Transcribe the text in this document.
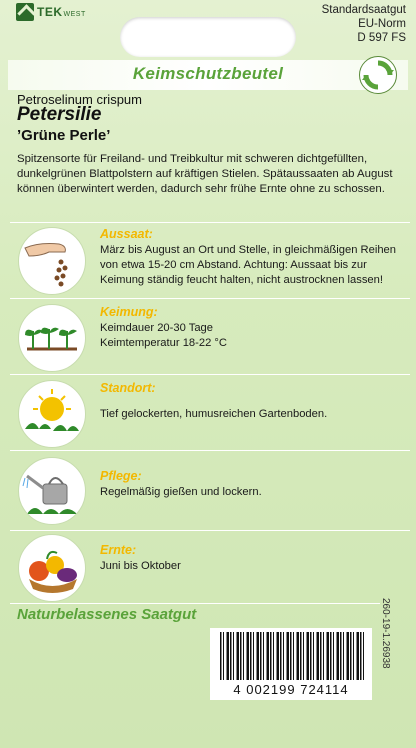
TEKWEST	Standardsaatgut
EU-Norm
D 597 FS
Keimschutzbeutel
Petroselinum crispum
Petersilie
’Grüne Perle’
Spitzensorte für Freiland- und Treibkultur mit schweren dichtgefüllten, dunkelgrünen Blattpolstern auf kräftigen Stielen. Spätaussaaten ab August können überwintert werden, dadurch sehr frühe Ernte ohne zu schossen.
Aussaat:
März bis August an Ort und Stelle, in gleichmäßigen Reihen von etwa 15-20 cm Abstand. Achtung: Aussaat bis zur Keimung ständig feucht halten, nicht austrocknen lassen!
Keimung:
Keimdauer 20-30 Tage
Keimtemperatur 18-22 °C
Standort:
Tief gelockerten, humusreichen Gartenboden.
Pflege:
Regelmäßig gießen und lockern.
Ernte:
Juni bis Oktober
Naturbelassenes Saatgut
4 002199 724114
260-19-1.26938
